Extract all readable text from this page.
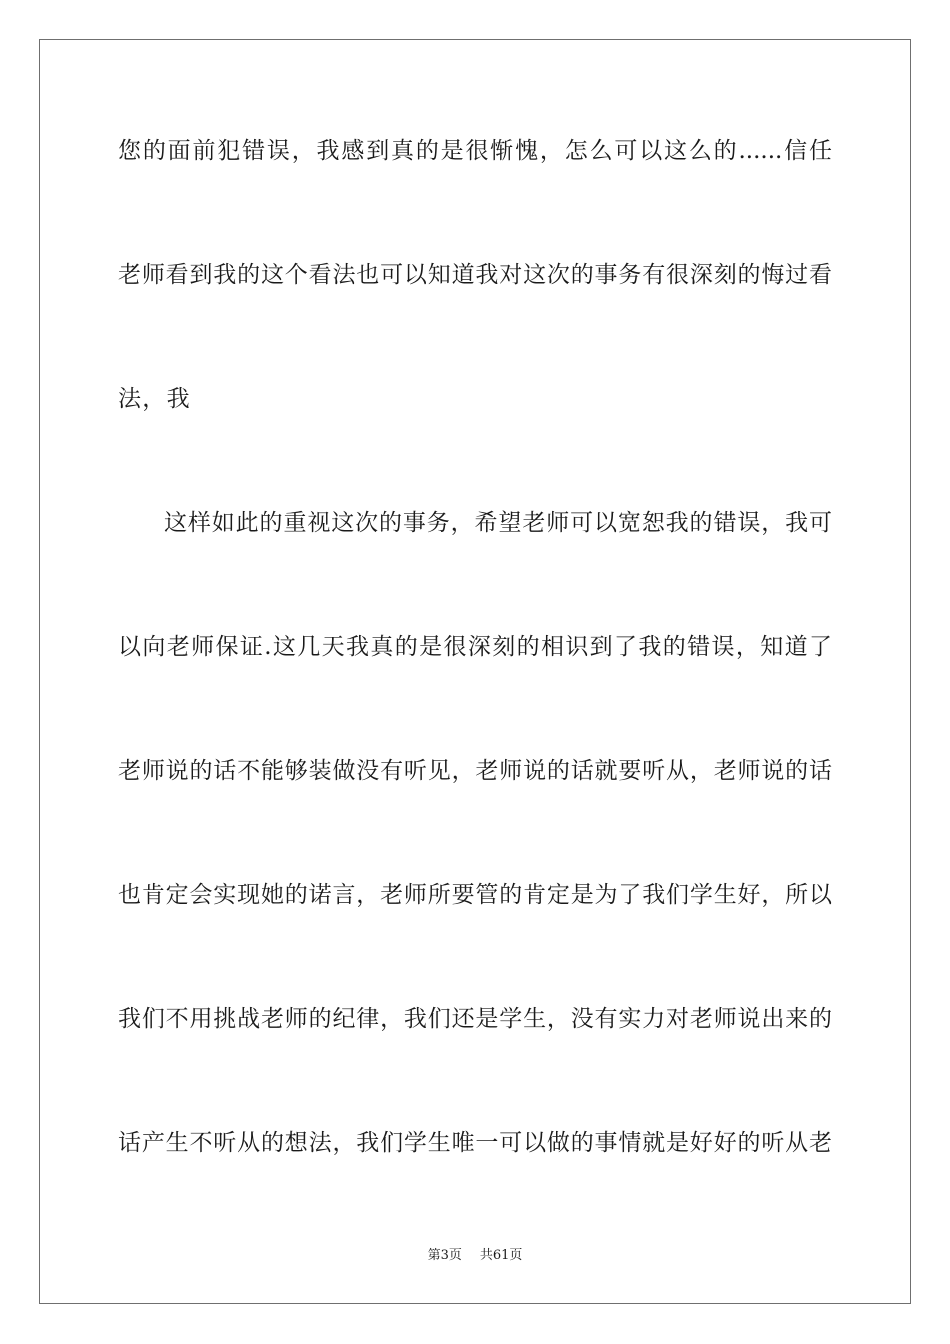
您的面前犯错误，我感到真的是很惭愧，怎么可以这么的......信任
老师看到我的这个看法也可以知道我对这次的事务有很深刻的悔过看
法，我
这样如此的重视这次的事务，希望老师可以宽恕我的错误，我可
以向老师保证.这几天我真的是很深刻的相识到了我的错误，知道了
老师说的话不能够装做没有听见，老师说的话就要听从，老师说的话
也肯定会实现她的诺言，老师所要管的肯定是为了我们学生好，所以
我们不用挑战老师的纪律，我们还是学生，没有实力对老师说出来的
话产生不听从的想法，我们学生唯一可以做的事情就是好好的听从老
第3页 共61页
